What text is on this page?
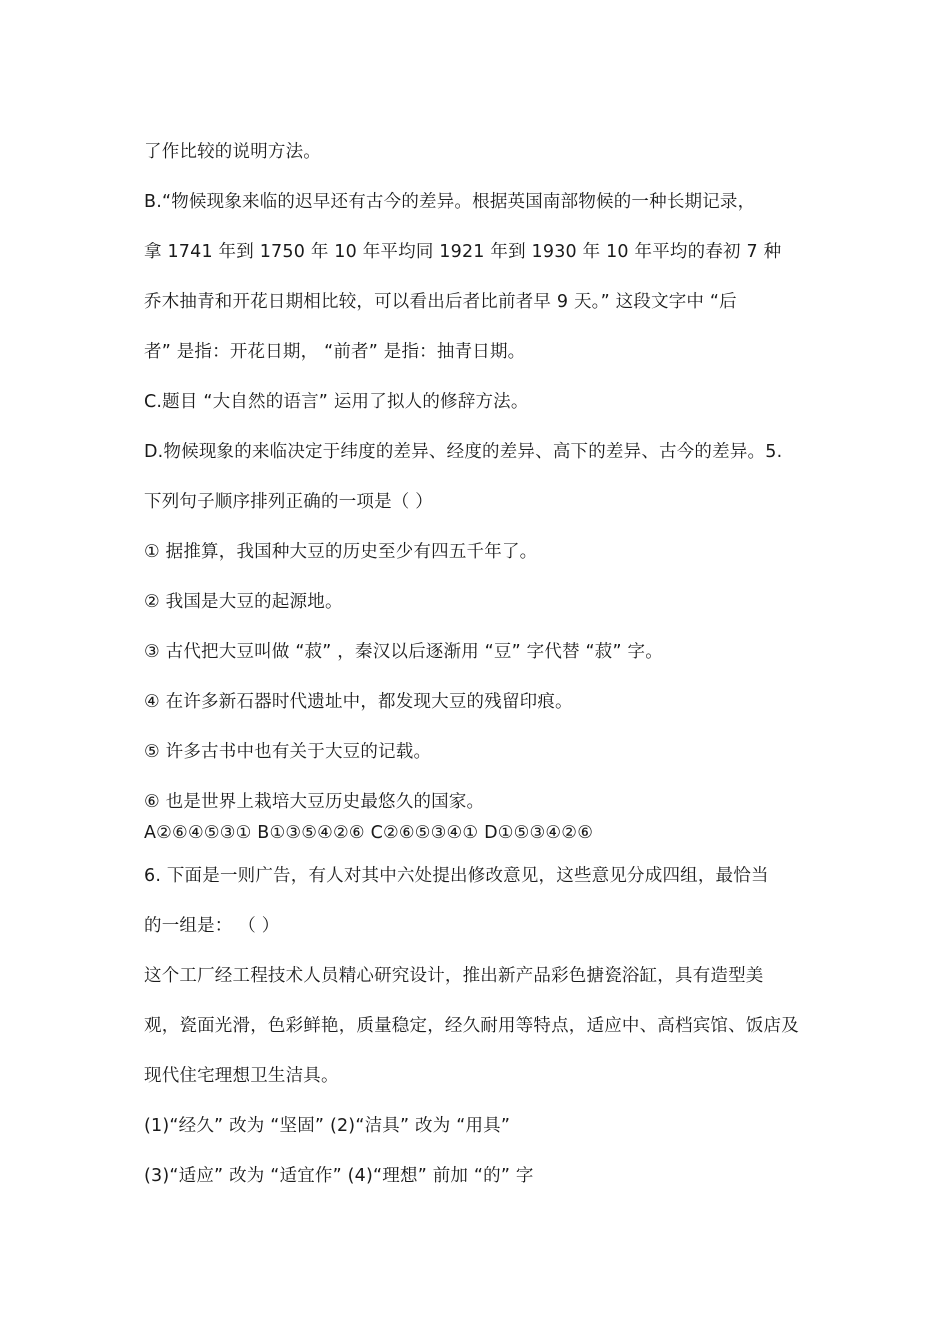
了作比较的说明方法。
B.“物候现象来临的迟早还有古今的差异。根据英国南部物候的一种长期记录，
拿 1741 年到 1750 年 10 年平均同 1921 年到 1930 年 10 年平均的春初 7 种
乔木抽青和开花日期相比较，可以看出后者比前者早 9 天。” 这段文字中 “后
者” 是指：开花日期， “前者” 是指：抽青日期。
C.题目 “大自然的语言” 运用了拟人的修辞方法。
D.物候现象的来临决定于纬度的差异、经度的差异、高下的差异、古今的差异。5.
下列句子顺序排列正确的一项是（ ）
① 据推算，我国种大豆的历史至少有四五千年了。
② 我国是大豆的起源地。
③ 古代把大豆叫做 “菽” ，秦汉以后逐渐用 “豆” 字代替 “菽” 字。
④ 在许多新石器时代遗址中，都发现大豆的残留印痕。
⑤ 许多古书中也有关于大豆的记载。
⑥ 也是世界上栽培大豆历史最悠久的国家。
A②⑥④⑤③① B①③⑤④②⑥ C②⑥⑤③④① D①⑤③④②⑥
6. 下面是一则广告，有人对其中六处提出修改意见，这些意见分成四组，最恰当
的一组是： （ ）
这个工厂经工程技术人员精心研究设计，推出新产品彩色搪瓷浴缸，具有造型美
观，瓷面光滑，色彩鲜艳，质量稳定，经久耐用等特点，适应中、高档宾馆、饭店及
现代住宅理想卫生洁具。
(1)“经久” 改为 “坚固” (2)“洁具” 改为 “用具”
(3)“适应” 改为 “适宜作” (4)“理想” 前加 “的” 字
